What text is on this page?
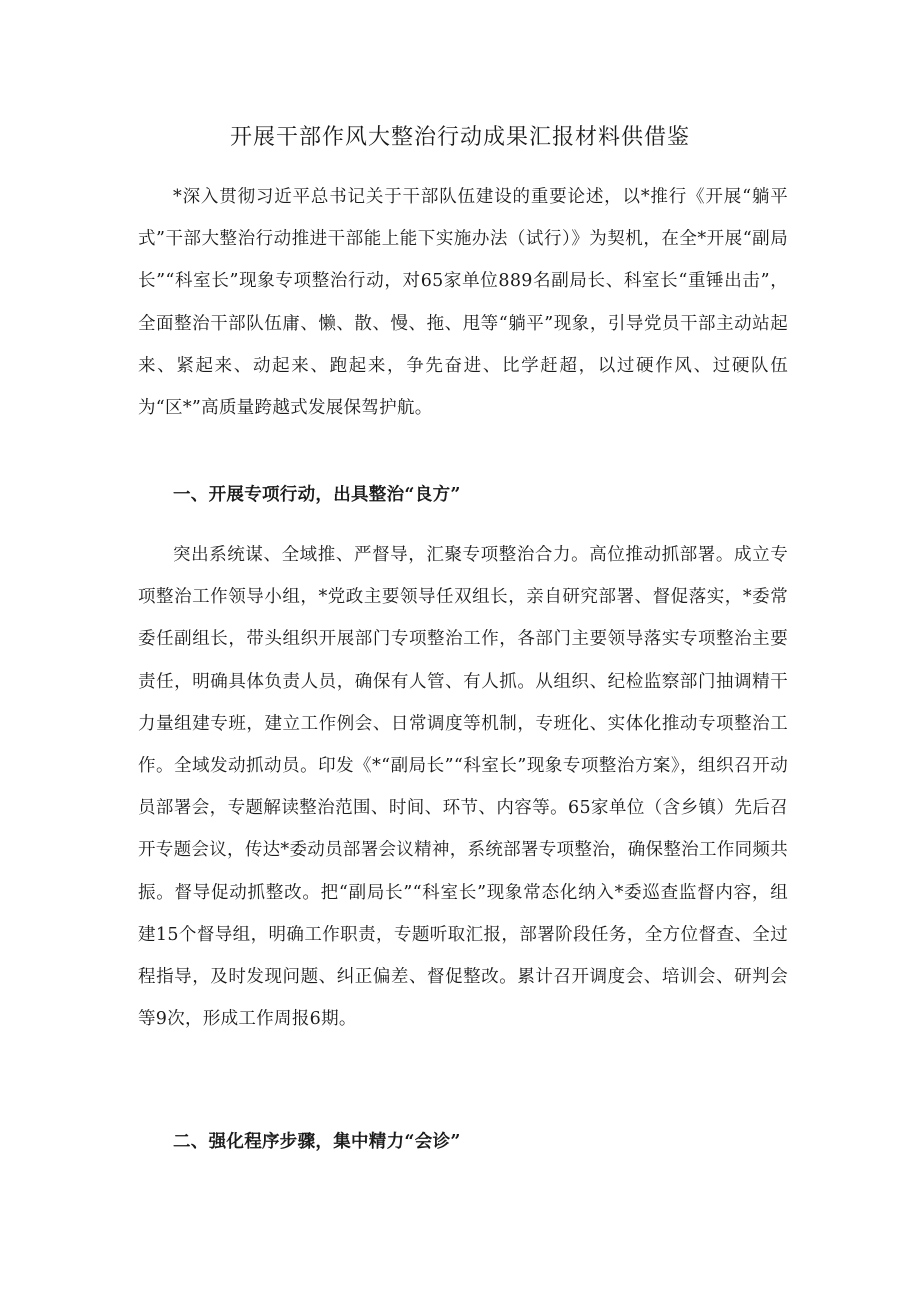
开展干部作风大整治行动成果汇报材料供借鉴

*深入贯彻习近平总书记关于干部队伍建设的重要论述，以*推行《开展“躺平式”干部大整治行动推进干部能上能下实施办法（试行）》为契机，在全*开展“副局长”“科室长”现象专项整治行动，对65家单位889名副局长、科室长“重锤出击”，全面整治干部队伍庸、懒、散、慢、拖、甩等“躺平”现象，引导党员干部主动站起来、紧起来、动起来、跑起来，争先奋进、比学赶超，以过硬作风、过硬队伍为“区*”高质量跨越式发展保驾护航。

一、开展专项行动，出具整治“良方”

突出系统谋、全域推、严督导，汇聚专项整治合力。高位推动抓部署。成立专项整治工作领导小组，*党政主要领导任双组长，亲自研究部署、督促落实，*委常委任副组长，带头组织开展部门专项整治工作，各部门主要领导落实专项整治主要责任，明确具体负责人员，确保有人管、有人抓。从组织、纪检监察部门抽调精干力量组建专班，建立工作例会、日常调度等机制，专班化、实体化推动专项整治工作。全域发动抓动员。印发《*“副局长”“科室长”现象专项整治方案》，组织召开动员部署会，专题解读整治范围、时间、环节、内容等。65家单位（含乡镇）先后召开专题会议，传达*委动员部署会议精神，系统部署专项整治，确保整治工作同频共振。督导促动抓整改。把“副局长”“科室长”现象常态化纳入*委巡查监督内容，组建15个督导组，明确工作职责，专题听取汇报，部署阶段任务，全方位督查、全过程指导，及时发现问题、纠正偏差、督促整改。累计召开调度会、培训会、研判会等9次，形成工作周报6期。

二、强化程序步骤，集中精力“会诊”
